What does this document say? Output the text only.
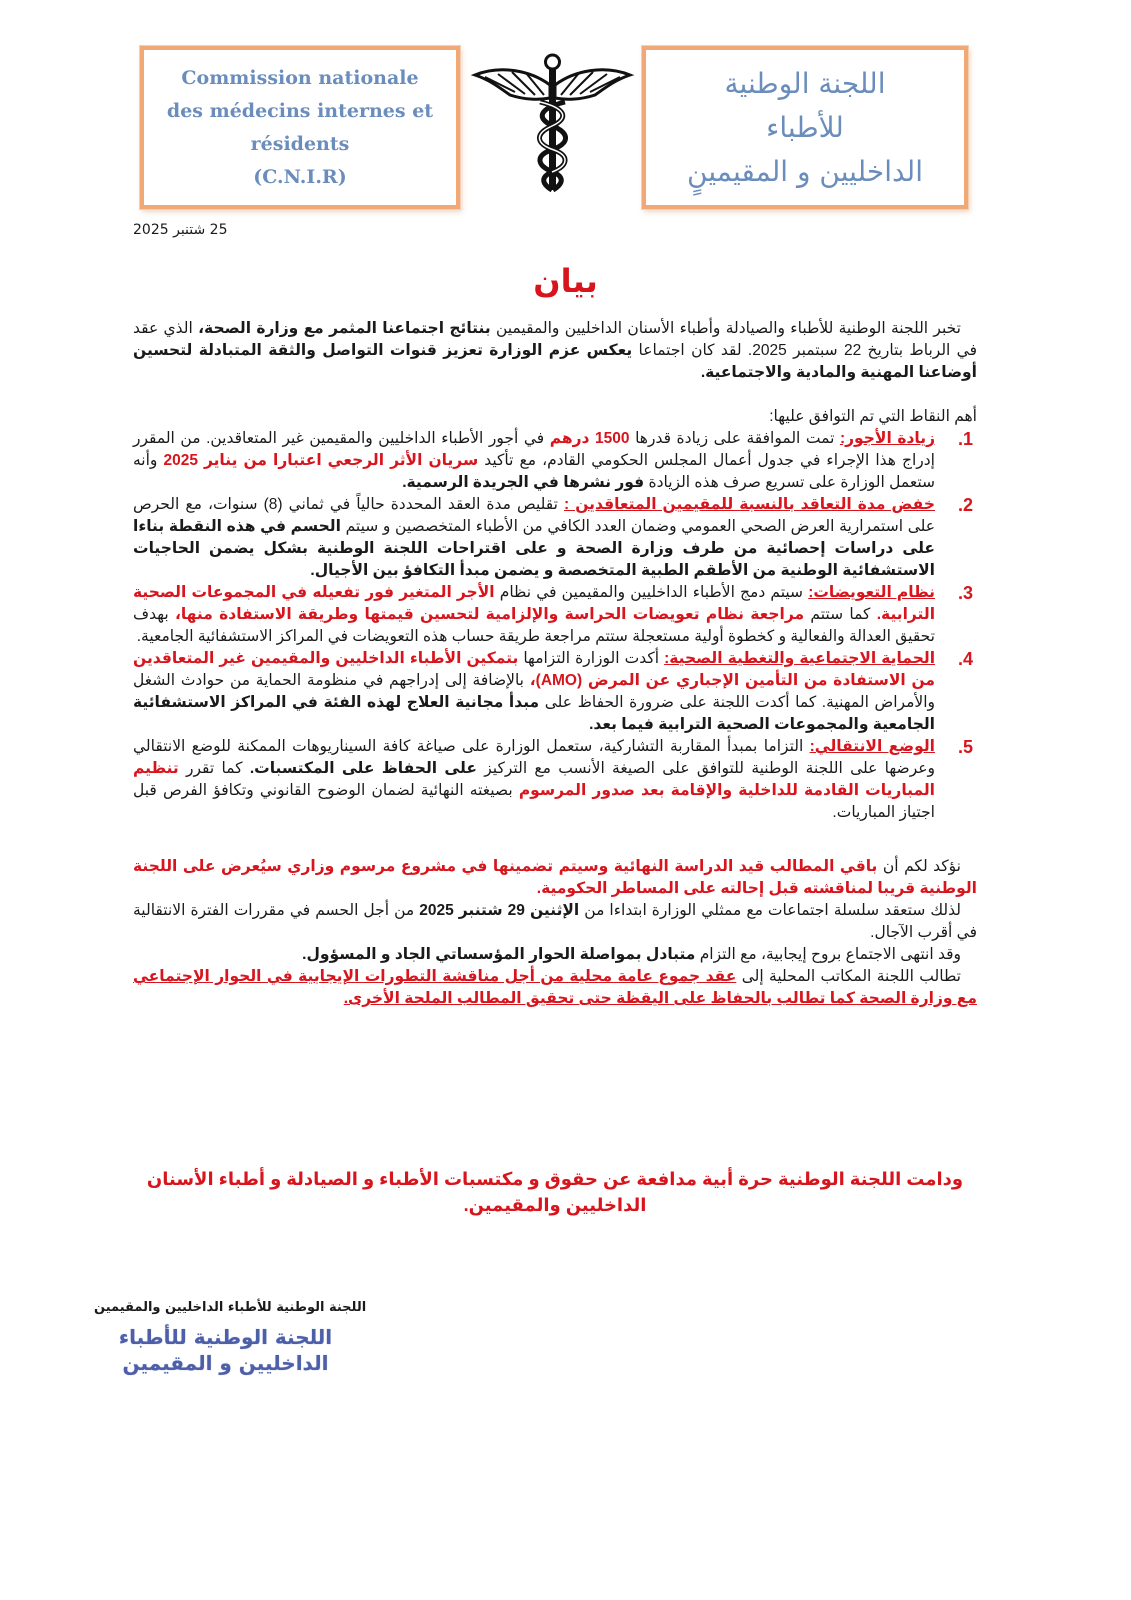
Commission nationale
des médecins internes et
résidents
(C.N.I.R)
اللجنة الوطنية
للأطباء
الداخليين و المقيمينٍ
25 شتنبر 2025
بيان

تخبر اللجنة الوطنية للأطباء والصيادلة وأطباء الأسنان الداخليين والمقيمين بنتائج اجتماعنا المثمر مع وزارة الصحة، الذي عقد في الرباط بتاريخ 22 سبتمبر 2025. لقد كان اجتماعا يعكس عزم الوزارة تعزيز قنوات التواصل والثقة المتبادلة لتحسين أوضاعنا المهنية والمادية والاجتماعية.

أهم النقاط التي تم التوافق عليها:

1.
زيادة الأجور: تمت الموافقة على زيادة قدرها 1500 درهم في أجور الأطباء الداخليين والمقيمين غير المتعاقدين. من المقرر إدراج هذا الإجراء في جدول أعمال المجلس الحكومي القادم، مع تأكيد سريان الأثر الرجعي اعتبارا من يناير 2025 وأنه ستعمل الوزارة على تسريع صرف هذه الزيادة فور نشرها في الجريدة الرسمية.
2.
خفض مدة التعاقد بالنسبة للمقيمين المتعاقدين : تقليص مدة العقد المحددة حالياً في ثماني (8) سنوات، مع الحرص على استمرارية العرض الصحي العمومي وضمان العدد الكافي من الأطباء المتخصصين و سيتم الحسم في هذه النقطة بناءا على دراسات إحصائية من طرف وزارة الصحة و على اقتراحات اللجنة الوطنية بشكل يضمن الحاجيات الاستشفائية الوطنية من الأطقم الطبية المتخصصة و يضمن مبدأ التكافؤ بين الأجيال.
3.
نظام التعويضات: سيتم دمج الأطباء الداخليين والمقيمين في نظام الأجر المتغير فور تفعيله في المجموعات الصحية الترابية. كما ستتم مراجعة نظام تعويضات الحراسة والإلزامية لتحسين قيمتها وطريقة الاستفادة منها، بهدف تحقيق العدالة والفعالية و كخطوة أولية مستعجلة ستتم مراجعة طريقة حساب هذه التعويضات في المراكز الاستشفائية الجامعية.
4.
الحماية الاجتماعية والتغطية الصحية: أكدت الوزارة التزامها بتمكين الأطباء الداخليين والمقيمين غير المتعاقدين من الاستفادة من التأمين الإجباري عن المرض (AMO)، بالإضافة إلى إدراجهم في منظومة الحماية من حوادث الشغل والأمراض المهنية. كما أكدت اللجنة على ضرورة الحفاظ على مبدأ مجانية العلاج لهذه الفئة في المراكز الاستشفائية الجامعية والمجموعات الصحية الترابية فيما بعد.
5.
الوضع الانتقالي: التزاما بمبدأ المقاربة التشاركية، ستعمل الوزارة على صياغة كافة السيناريوهات الممكنة للوضع الانتقالي وعرضها على اللجنة الوطنية للتوافق على الصيغة الأنسب مع التركيز على الحفاظ على المكتسبات. كما تقرر تنظيم المباريات القادمة للداخلية والإقامة بعد صدور المرسوم بصيغته النهائية لضمان الوضوح القانوني وتكافؤ الفرص قبل اجتياز المباريات.

نؤكد لكم أن باقي المطالب قيد الدراسة النهائية وسيتم تضمينها في مشروع مرسوم وزاري سيُعرض على اللجنة الوطنية قريبا لمناقشته قبل إحالته على المساطر الحكومية.

لذلك ستعقد سلسلة اجتماعات مع ممثلي الوزارة ابتداءا من الإثنين 29 شتنبر 2025 من أجل الحسم في مقررات الفترة الانتقالية في أقرب الآجال.

وقد انتهى الاجتماع بروح إيجابية، مع التزام متبادل بمواصلة الحوار المؤسساتي الجاد و المسؤول.

تطالب اللجنة المكاتب المحلية إلى عقد جموع عامة محلية من أجل مناقشة التطورات الإيجابية في الحوار الإجتماعي مع وزارة الصحة كما تطالب بالحفاظ على اليقظة حتى تحقيق المطالب الملحة الأخرى.

ودامت اللجنة الوطنية حرة أبية مدافعة عن حقوق و مكتسبات الأطباء و الصيادلة و أطباء الأسنان الداخليين والمقيمين.
اللجنة الوطنية للأطباء الداخليين والمقيمين
اللجنة الوطنية للأطباء
الداخليين و المقيمين
